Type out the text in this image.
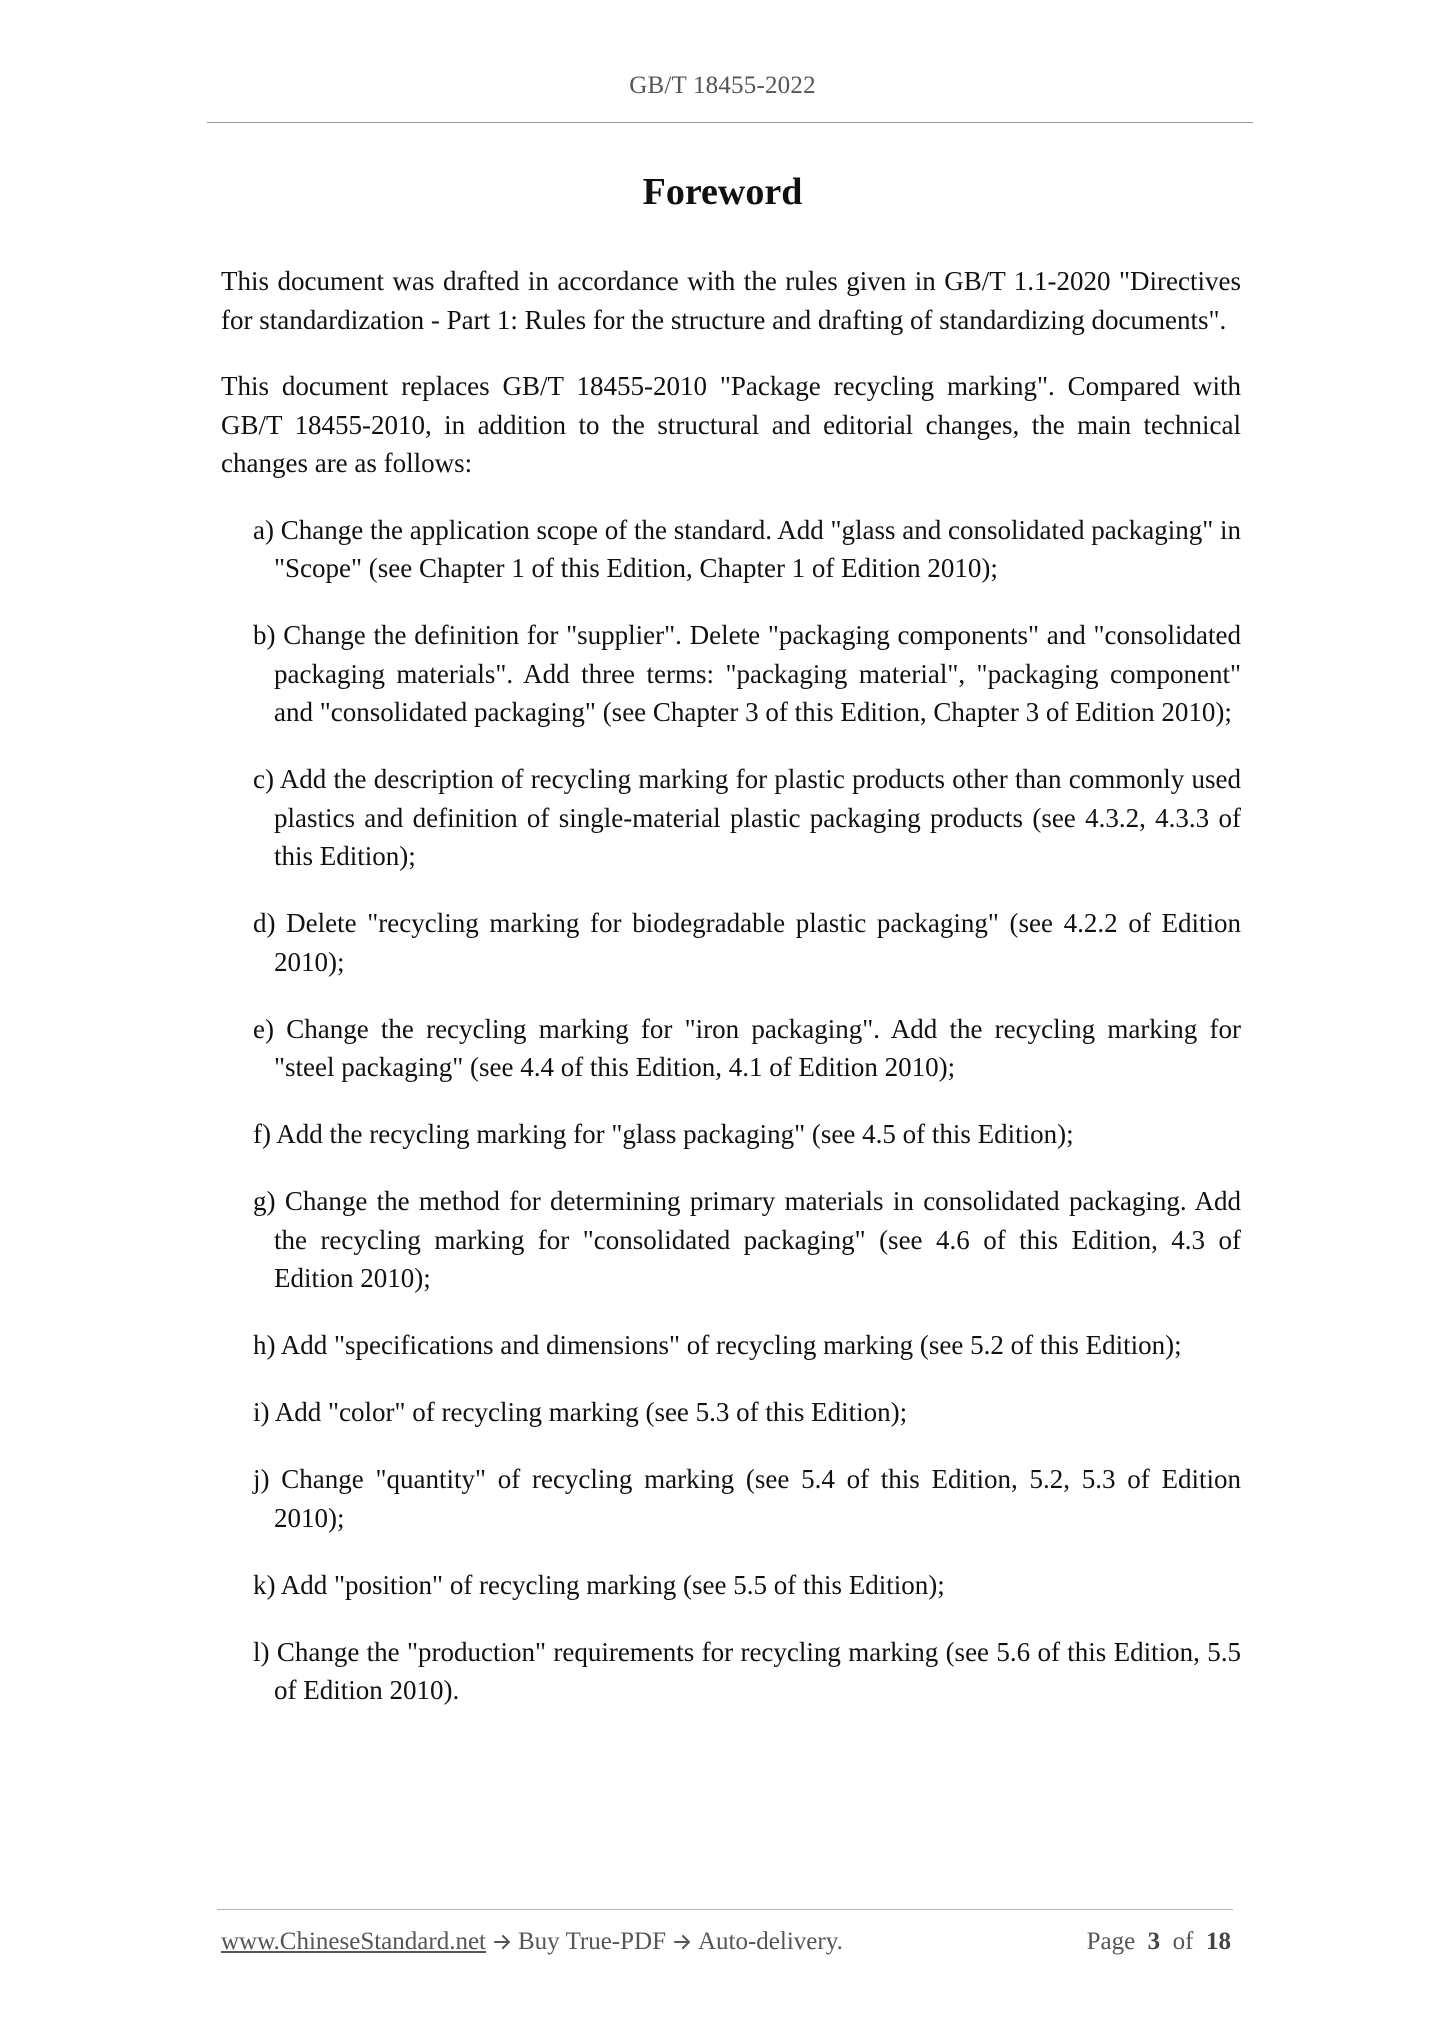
GB/T 18455-2022
Foreword

This document was drafted in accordance with the rules given in GB/T 1.1-2020 "Directives for standardization - Part 1: Rules for the structure and drafting of standardizing documents".

This document replaces GB/T 18455-2010 "Package recycling marking". Compared with GB/T 18455-2010, in addition to the structural and editorial changes, the main technical changes are as follows:

a) Change the application scope of the standard. Add "glass and consolidated packaging" in "Scope" (see Chapter 1 of this Edition, Chapter 1 of Edition 2010);
b) Change the definition for "supplier". Delete "packaging components" and "consolidated packaging materials". Add three terms: "packaging material", "packaging component" and "consolidated packaging" (see Chapter 3 of this Edition, Chapter 3 of Edition 2010);
c) Add the description of recycling marking for plastic products other than commonly used plastics and definition of single-material plastic packaging products (see 4.3.2, 4.3.3 of this Edition);
d) Delete "recycling marking for biodegradable plastic packaging" (see 4.2.2 of Edition 2010);
e) Change the recycling marking for "iron packaging". Add the recycling marking for "steel packaging" (see 4.4 of this Edition, 4.1 of Edition 2010);
f) Add the recycling marking for "glass packaging" (see 4.5 of this Edition);
g) Change the method for determining primary materials in consolidated packaging. Add the recycling marking for "consolidated packaging" (see 4.6 of this Edition, 4.3 of Edition 2010);
h) Add "specifications and dimensions" of recycling marking (see 5.2 of this Edition);
i) Add "color" of recycling marking (see 5.3 of this Edition);
j) Change "quantity" of recycling marking (see 5.4 of this Edition, 5.2, 5.3 of Edition 2010);
k) Add "position" of recycling marking (see 5.5 of this Edition);
l) Change the "production" requirements for recycling marking (see 5.6 of this Edition, 5.5 of Edition 2010).
www.ChineseStandard.net Buy True-PDF Auto-delivery.	Page 3 of 18
